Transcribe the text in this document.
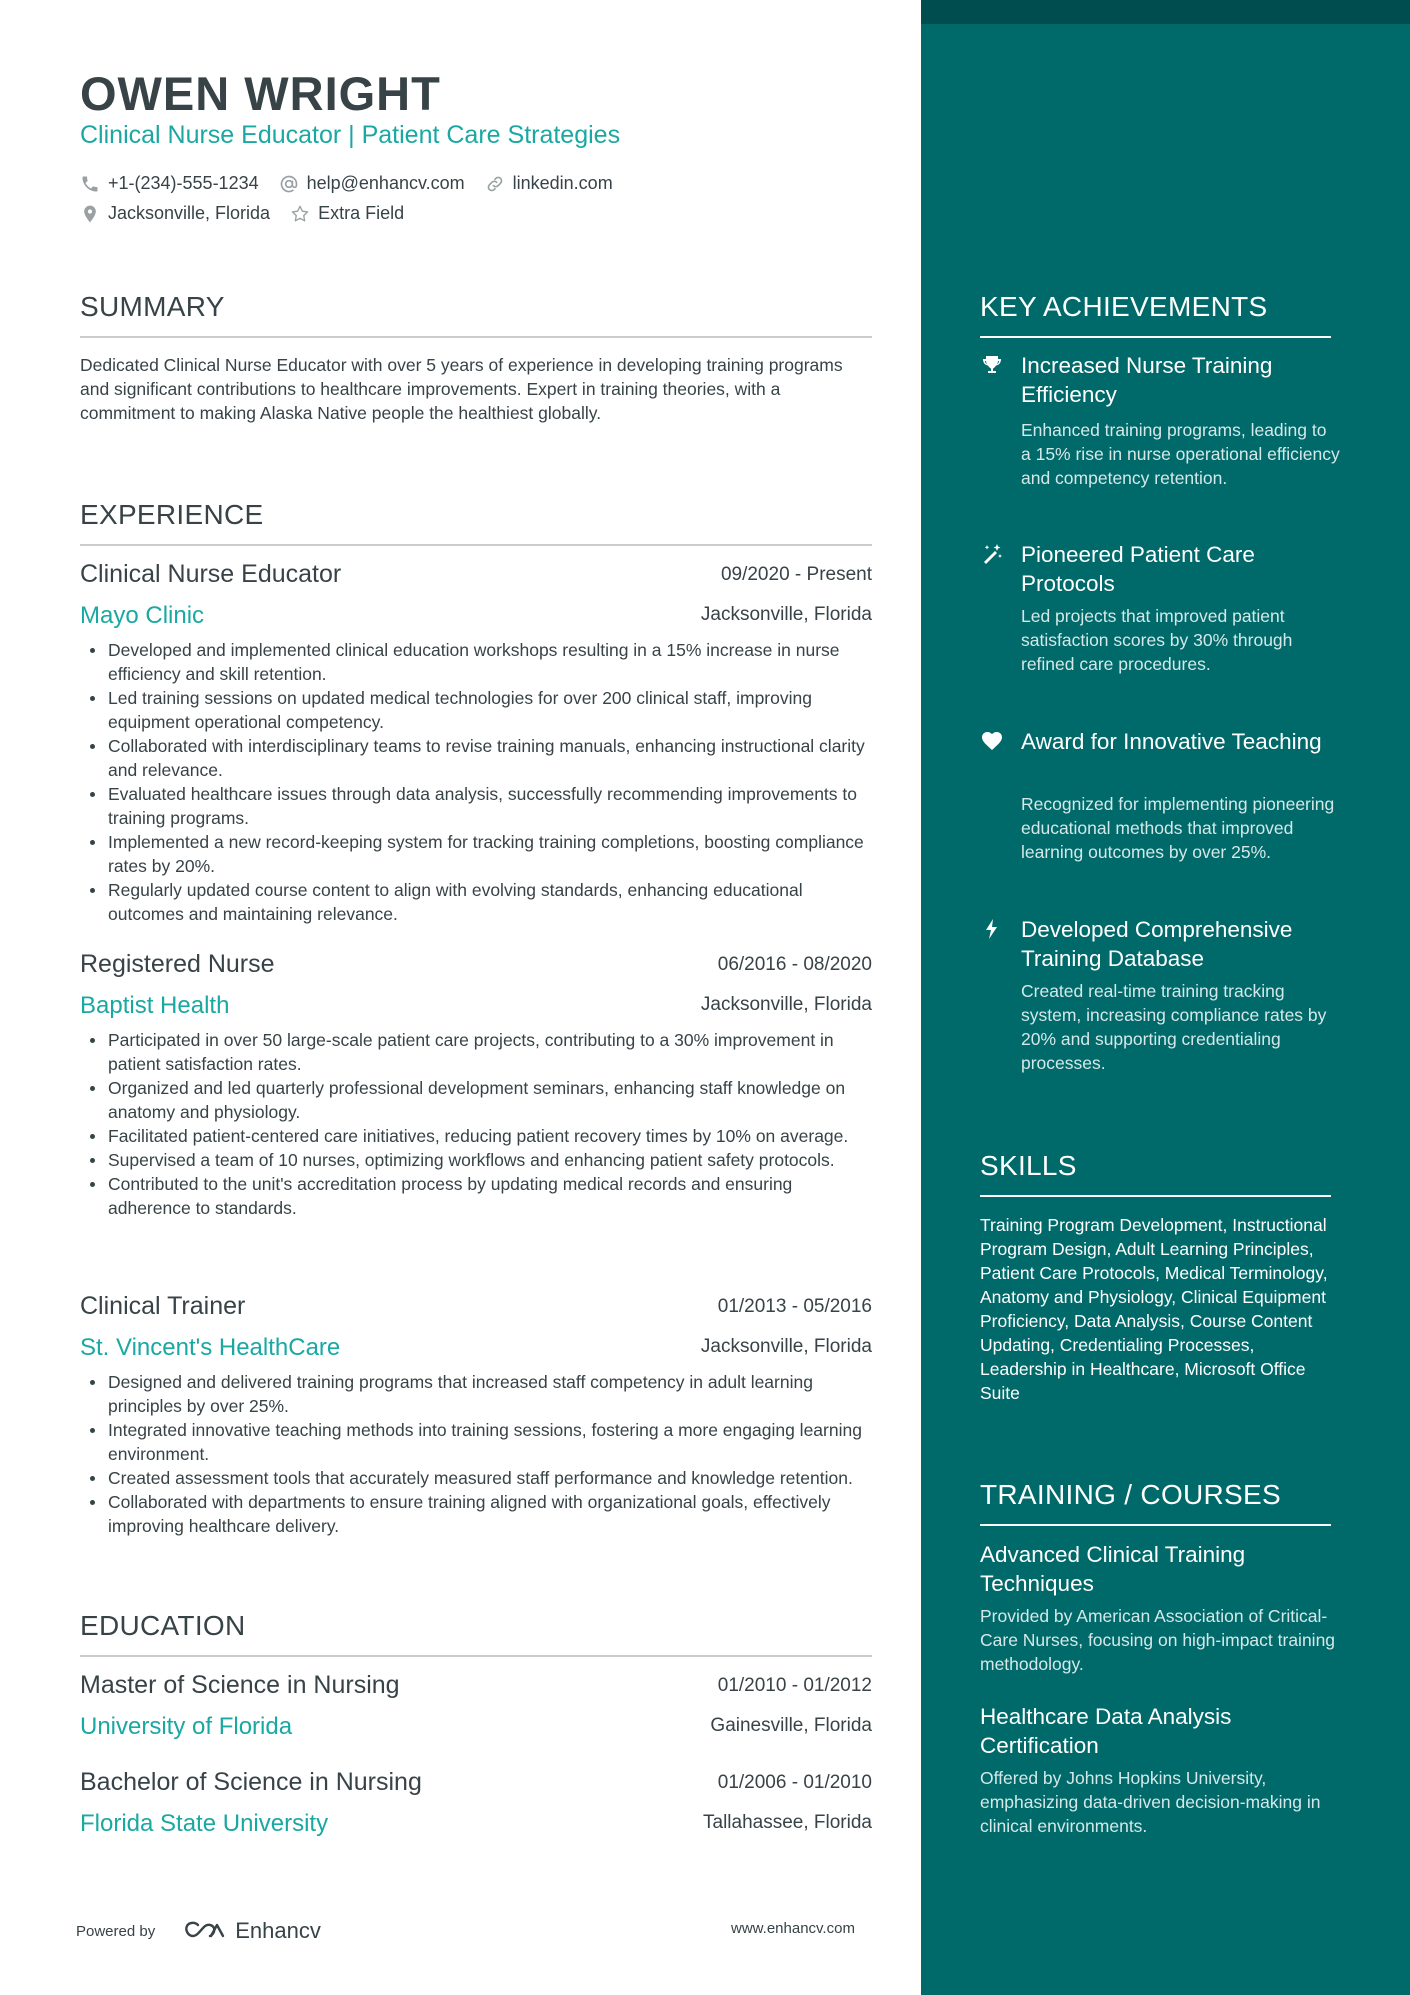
OWEN WRIGHT
Clinical Nurse Educator | Patient Care Strategies
+1-(234)-555-1234	help@enhancv.com	linkedin.com
Jacksonville, Florida	Extra Field
SUMMARY
Dedicated Clinical Nurse Educator with over 5 years of experience in developing training programs and significant contributions to healthcare improvements. Expert in training theories, with a commitment to making Alaska Native people the healthiest globally.
EXPERIENCE
Clinical Nurse Educator	09/2020 - Present
Mayo Clinic	Jacksonville, Florida
Developed and implemented clinical education workshops resulting in a 15% increase in nurse efficiency and skill retention.
Led training sessions on updated medical technologies for over 200 clinical staff, improving equipment operational competency.
Collaborated with interdisciplinary teams to revise training manuals, enhancing instructional clarity and relevance.
Evaluated healthcare issues through data analysis, successfully recommending improvements to training programs.
Implemented a new record-keeping system for tracking training completions, boosting compliance rates by 20%.
Regularly updated course content to align with evolving standards, enhancing educational outcomes and maintaining relevance.
Registered Nurse	06/2016 - 08/2020
Baptist Health	Jacksonville, Florida
Participated in over 50 large-scale patient care projects, contributing to a 30% improvement in patient satisfaction rates.
Organized and led quarterly professional development seminars, enhancing staff knowledge on anatomy and physiology.
Facilitated patient-centered care initiatives, reducing patient recovery times by 10% on average.
Supervised a team of 10 nurses, optimizing workflows and enhancing patient safety protocols.
Contributed to the unit's accreditation process by updating medical records and ensuring adherence to standards.
Clinical Trainer	01/2013 - 05/2016
St. Vincent's HealthCare	Jacksonville, Florida
Designed and delivered training programs that increased staff competency in adult learning principles by over 25%.
Integrated innovative teaching methods into training sessions, fostering a more engaging learning environment.
Created assessment tools that accurately measured staff performance and knowledge retention.
Collaborated with departments to ensure training aligned with organizational goals, effectively improving healthcare delivery.
EDUCATION
Master of Science in Nursing	01/2010 - 01/2012
University of Florida	Gainesville, Florida
Bachelor of Science in Nursing	01/2006 - 01/2010
Florida State University	Tallahassee, Florida
Powered by	Enhancv	www.enhancv.com
KEY ACHIEVEMENTS
Increased Nurse Training Efficiency
Enhanced training programs, leading to a 15% rise in nurse operational efficiency and competency retention.
Pioneered Patient Care Protocols
Led projects that improved patient satisfaction scores by 30% through refined care procedures.
Award for Innovative Teaching
Recognized for implementing pioneering educational methods that improved learning outcomes by over 25%.
Developed Comprehensive Training Database
Created real-time training tracking system, increasing compliance rates by 20% and supporting credentialing processes.
SKILLS
Training Program Development, Instructional Program Design, Adult Learning Principles, Patient Care Protocols, Medical Terminology, Anatomy and Physiology, Clinical Equipment Proficiency, Data Analysis, Course Content Updating, Credentialing Processes, Leadership in Healthcare, Microsoft Office Suite
TRAINING / COURSES
Advanced Clinical Training Techniques
Provided by American Association of Critical-Care Nurses, focusing on high-impact training methodology.
Healthcare Data Analysis Certification
Offered by Johns Hopkins University, emphasizing data-driven decision-making in clinical environments.
